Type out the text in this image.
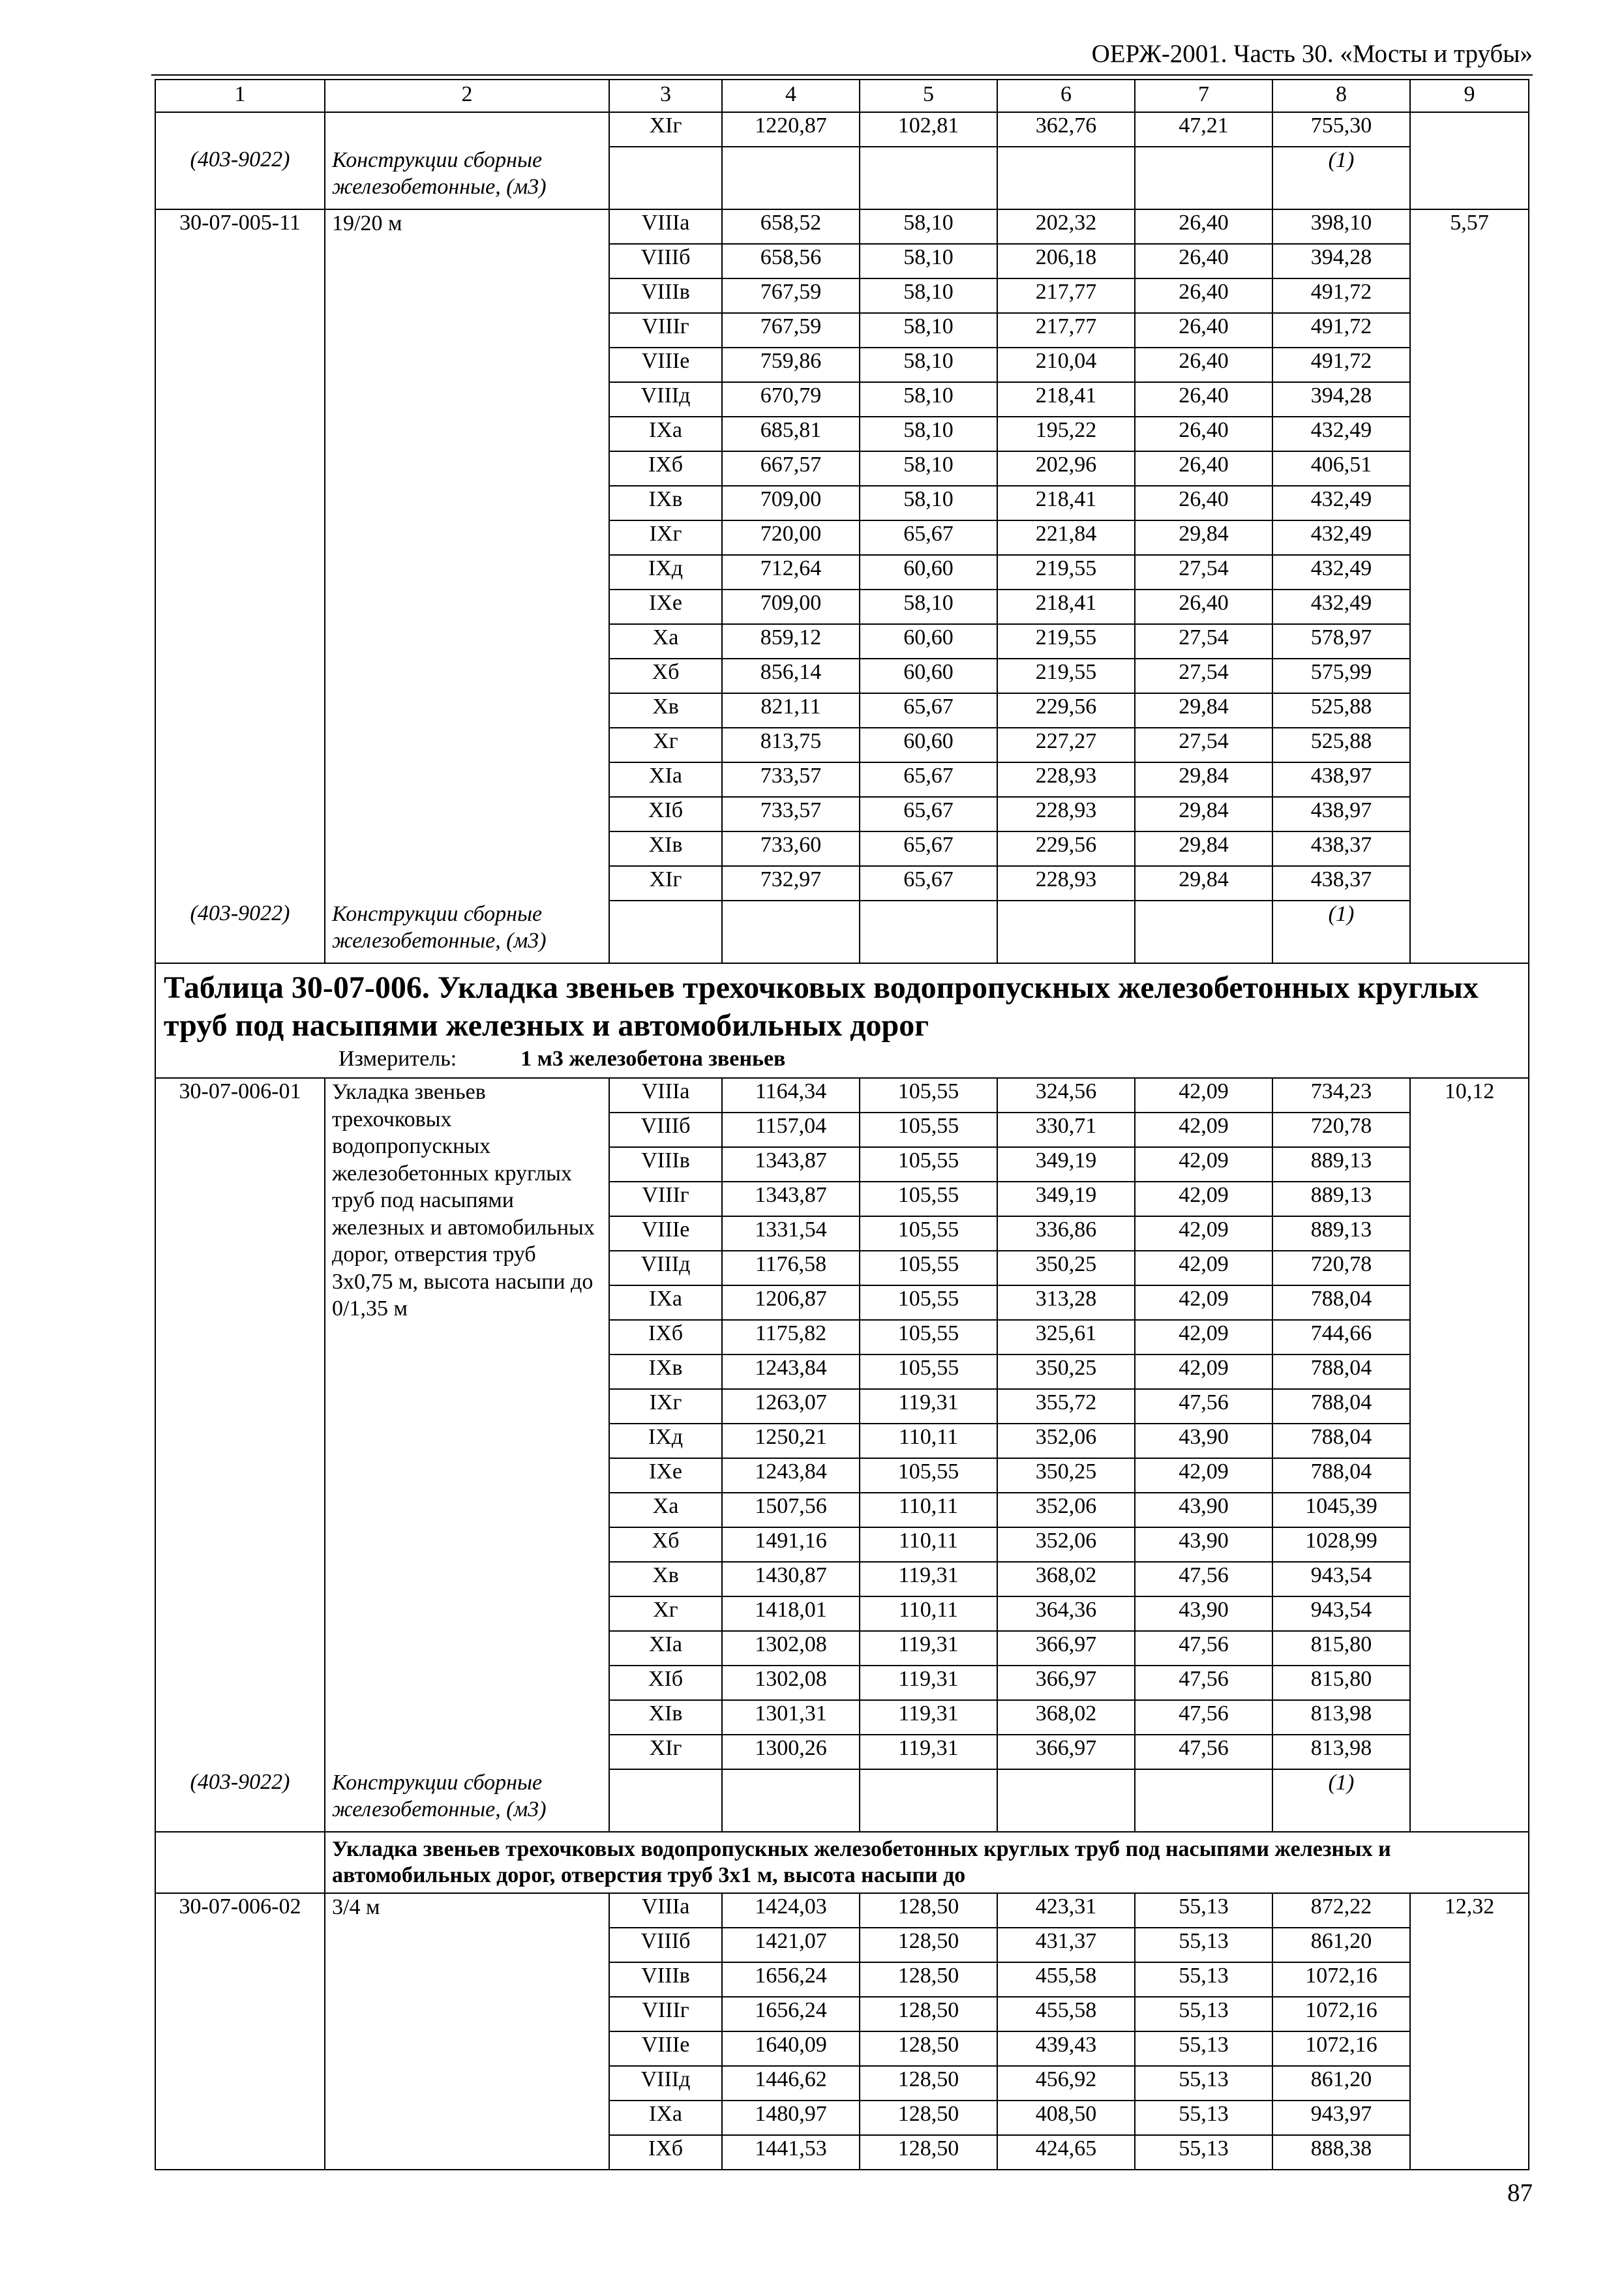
ОЕРЖ-2001. Часть 30. «Мосты и трубы»
1	2	3	4	5	6	7	8	9
		ХIг	1220,87	102,81	362,76	47,21	755,30	
(403-9022)	Конструкции сборные железобетонные, (м3)						(1)	
30-07-005-11	19/20 м	VIIIа	658,52	58,10	202,32	26,40	398,10	5,57
		VIIIб	658,56	58,10	206,18	26,40	394,28	
		VIIIв	767,59	58,10	217,77	26,40	491,72	
		VIIIг	767,59	58,10	217,77	26,40	491,72	
		VIIIе	759,86	58,10	210,04	26,40	491,72	
		VIIIд	670,79	58,10	218,41	26,40	394,28	
		IХа	685,81	58,10	195,22	26,40	432,49	
		IХб	667,57	58,10	202,96	26,40	406,51	
		IХв	709,00	58,10	218,41	26,40	432,49	
		IХг	720,00	65,67	221,84	29,84	432,49	
		IХд	712,64	60,60	219,55	27,54	432,49	
		IХе	709,00	58,10	218,41	26,40	432,49	
		Ха	859,12	60,60	219,55	27,54	578,97	
		Хб	856,14	60,60	219,55	27,54	575,99	
		Хв	821,11	65,67	229,56	29,84	525,88	
		Хг	813,75	60,60	227,27	27,54	525,88	
		ХIа	733,57	65,67	228,93	29,84	438,97	
		ХIб	733,57	65,67	228,93	29,84	438,97	
		ХIв	733,60	65,67	229,56	29,84	438,37	
		ХIг	732,97	65,67	228,93	29,84	438,37	
(403-9022)	Конструкции сборные железобетонные, (м3)						(1)	

Таблица 30-07-006. Укладка звеньев трехочковых водопропускных железобетонных круглых труб под насыпями железных и автомобильных дорог
Измеритель: 1 м3 железобетона звеньев								

30-07-006-01	Укладка звеньев трехочковых водопропускных железобетонных круглых труб под насыпями железных и автомобильных дорог, отверстия труб 3х0,75 м, высота насыпи до 0/1,35 м	VIIIа	1164,34	105,55	324,56	42,09	734,23	10,12
		VIIIб	1157,04	105,55	330,71	42,09	720,78	
		VIIIв	1343,87	105,55	349,19	42,09	889,13	
		VIIIг	1343,87	105,55	349,19	42,09	889,13	
		VIIIе	1331,54	105,55	336,86	42,09	889,13	
		VIIIд	1176,58	105,55	350,25	42,09	720,78	
		IХа	1206,87	105,55	313,28	42,09	788,04	
		IХб	1175,82	105,55	325,61	42,09	744,66	
		IХв	1243,84	105,55	350,25	42,09	788,04	
		IХг	1263,07	119,31	355,72	47,56	788,04	
		IХд	1250,21	110,11	352,06	43,90	788,04	
		IХе	1243,84	105,55	350,25	42,09	788,04	
		Ха	1507,56	110,11	352,06	43,90	1045,39	
		Хб	1491,16	110,11	352,06	43,90	1028,99	
		Хв	1430,87	119,31	368,02	47,56	943,54	
		Хг	1418,01	110,11	364,36	43,90	943,54	
		ХIа	1302,08	119,31	366,97	47,56	815,80	
		ХIб	1302,08	119,31	366,97	47,56	815,80	
		ХIв	1301,31	119,31	368,02	47,56	813,98	
		ХIг	1300,26	119,31	366,97	47,56	813,98	
(403-9022)	Конструкции сборные железобетонные, (м3)						(1)	
	Укладка звеньев трехочковых водопропускных железобетонных круглых труб под насыпями железных и автомобильных дорог, отверстия труб 3х1 м, высота насыпи до							
30-07-006-02	3/4 м	VIIIа	1424,03	128,50	423,31	55,13	872,22	12,32
		VIIIб	1421,07	128,50	431,37	55,13	861,20	
		VIIIв	1656,24	128,50	455,58	55,13	1072,16	
		VIIIг	1656,24	128,50	455,58	55,13	1072,16	
		VIIIе	1640,09	128,50	439,43	55,13	1072,16	
		VIIIд	1446,62	128,50	456,92	55,13	861,20	
		IХа	1480,97	128,50	408,50	55,13	943,97	
		IХб	1441,53	128,50	424,65	55,13	888,38	
87
